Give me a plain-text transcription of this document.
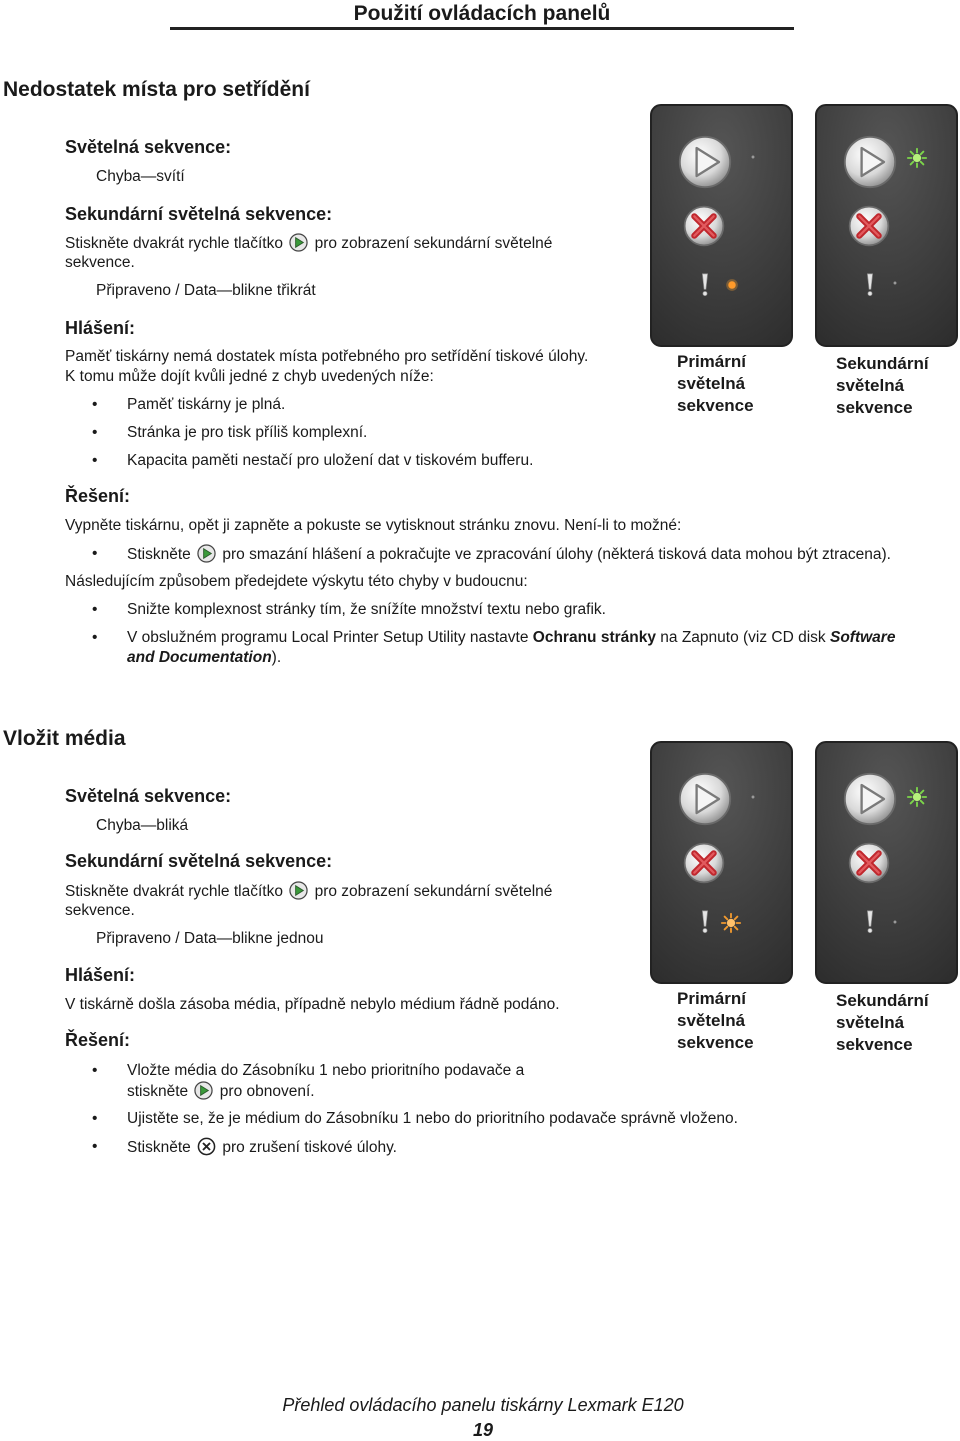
Použití ovládacích panelů
Nedostatek místa pro setřídění
Světelná sekvence:
Chyba—svítí
Sekundární světelná sekvence:
Stiskněte dvakrát rychle tlačítko pro zobrazení sekundární světelné
sekvence.
Připraveno / Data—blikne třikrát
Hlášení:
Paměť tiskárny nemá dostatek místa potřebného pro setřídění tiskové úlohy.
K tomu může dojít kvůli jedné z chyb uvedených níže:
• Paměť tiskárny je plná.
• Stránka je pro tisk příliš komplexní.
• Kapacita paměti nestačí pro uložení dat v tiskovém bufferu.
Řešení:
Vypněte tiskárnu, opět ji zapněte a pokuste se vytisknout stránku znovu. Není-li to možné:
• Stiskněte pro smazání hlášení a pokračujte ve zpracování úlohy (některá tisková data mohou být ztracena).
Následujícím způsobem předejdete výskytu této chyby v budoucnu:
• Snižte komplexnost stránky tím, že snížíte množství textu nebo grafik.
• V obslužném programu Local Printer Setup Utility nastavte Ochranu stránky na Zapnuto (viz CD disk Software
and Documentation).
Primární
světelná
sekvence
Sekundární
světelná
sekvence
Vložit média
Světelná sekvence:
Chyba—bliká
Sekundární světelná sekvence:
Stiskněte dvakrát rychle tlačítko pro zobrazení sekundární světelné
sekvence.
Připraveno / Data—blikne jednou
Hlášení:
V tiskárně došla zásoba média, případně nebylo médium řádně podáno.
Řešení:
• Vložte média do Zásobníku 1 nebo prioritního podavače a
stiskněte pro obnovení.
• Ujistěte se, že je médium do Zásobníku 1 nebo do prioritního podavače správně vloženo.
• Stiskněte pro zrušení tiskové úlohy.
Primární
světelná
sekvence
Sekundární
světelná
sekvence
Přehled ovládacího panelu tiskárny Lexmark E120
19
